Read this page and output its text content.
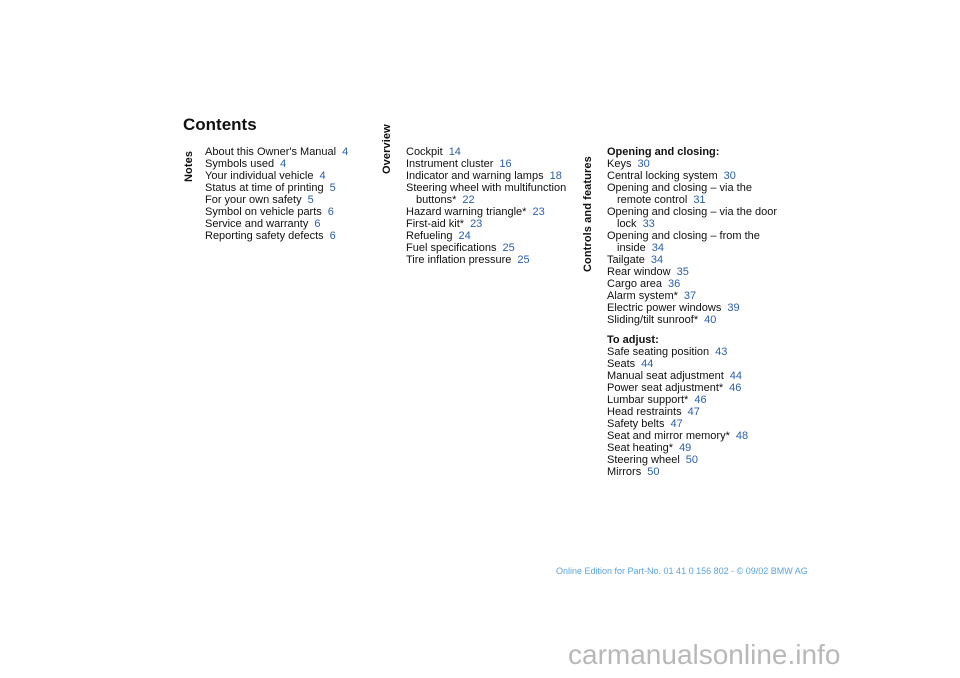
Contents
Notes	Overview
Controls and features

About this Owner's Manual 4

Symbols used 4

Your individual vehicle 4

Status at time of printing 5

For your own safety 5

Symbol on vehicle parts 6

Service and warranty 6

Reporting safety defects 6

Cockpit 14

Instrument cluster 16

Indicator and warning lamps 18

Steering wheel with multifunction buttons* 22

Hazard warning triangle* 23

First-aid kit* 23

Refueling 24

Fuel specifications 25

Tire inflation pressure 25

Opening and closing:

Keys 30

Central locking system 30

Opening and closing – via the remote control 31

Opening and closing – via the door lock 33

Opening and closing – from the inside 34

Tailgate 34

Rear window 35

Cargo area 36

Alarm system* 37

Electric power windows 39

Sliding/tilt sunroof* 40

To adjust:

Safe seating position 43

Seats 44

Manual seat adjustment 44

Power seat adjustment* 46

Lumbar support* 46

Head restraints 47

Safety belts 47

Seat and mirror memory* 48

Seat heating* 49

Steering wheel 50

Mirrors 50

Online Edition for Part-No. 01 41 0 156 802 - © 09/02 BMW AG
carmanualsonline.info
